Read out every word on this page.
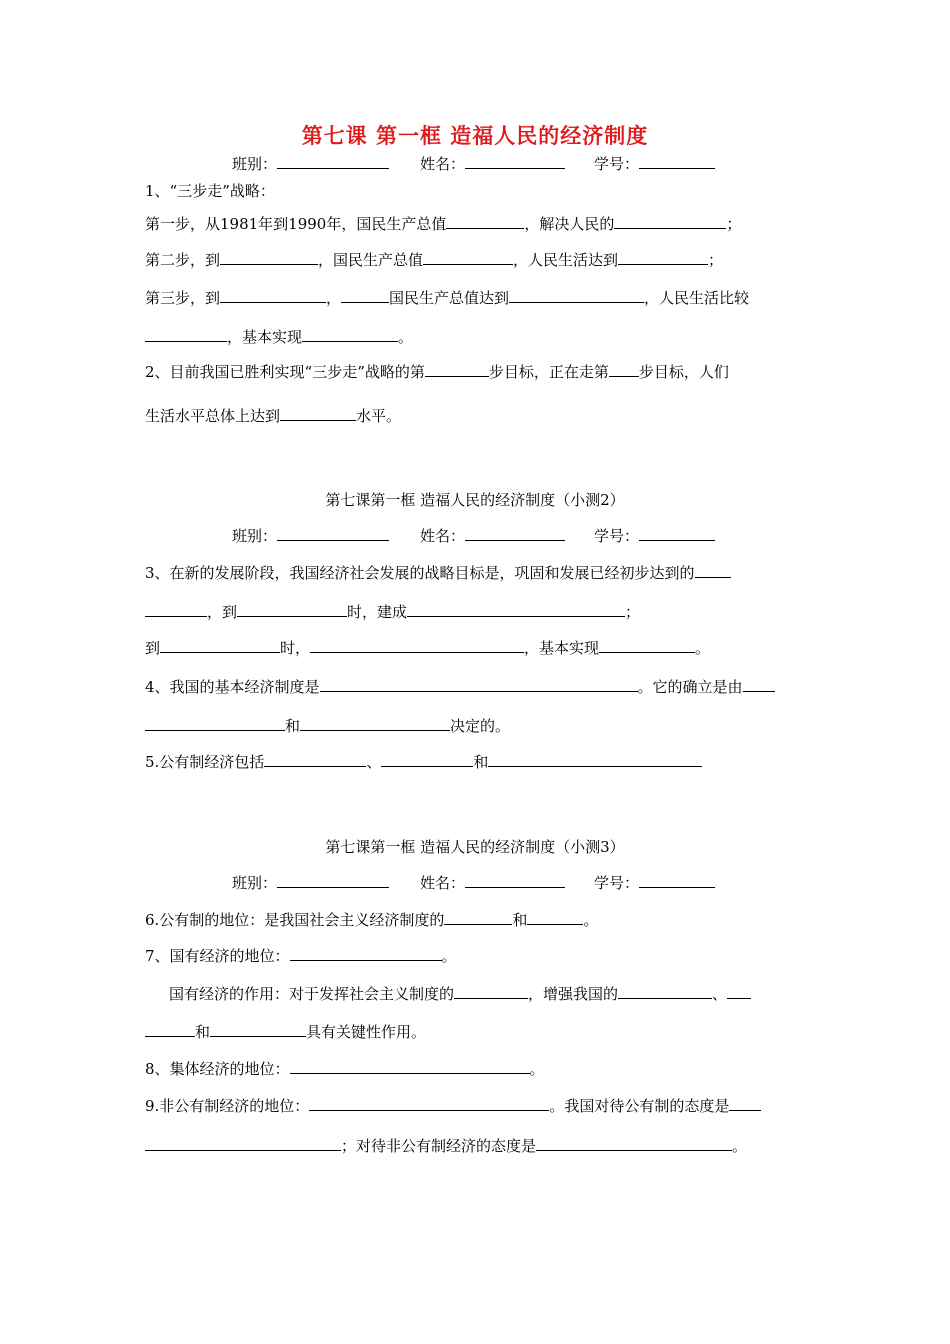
第七课 第一框 造福人民的经济制度
班别：	姓名：	学号：
1、“三步走”战略：
第一步，从1981年到1990年，国民生产总值	，解决人民的	；
第二步，到	，国民生产总值	，人民生活达到	；
第三步，到	，	国民生产总值达到	，人民生活比较
，基本实现	。
2、目前我国已胜利实现“三步走”战略的第	步目标，正在走第 步目标，人们
生活水平总体上达到	水平。
第七课第一框 造福人民的经济制度（小测2）
班别：	姓名：	学号：
3、在新的发展阶段，我国经济社会发展的战略目标是，巩固和发展已经初步达到的
，到	时，建成	；
到	时，	，基本实现	。
4、我国的基本经济制度是	。它的确立是由
和	决定的。
5.公有制经济包括	、	和
第七课第一框 造福人民的经济制度（小测3）
班别：	姓名：	学号：
6.公有制的地位：是我国社会主义经济制度的	和	。
7、国有经济的地位：	。
国有经济的作用：对于发挥社会主义制度的	，增强我国的	、
和	具有关键性作用。
8、集体经济的地位：	。
9.非公有制经济的地位：	。我国对待公有制的态度是
；对待非公有制经济的态度是	。
